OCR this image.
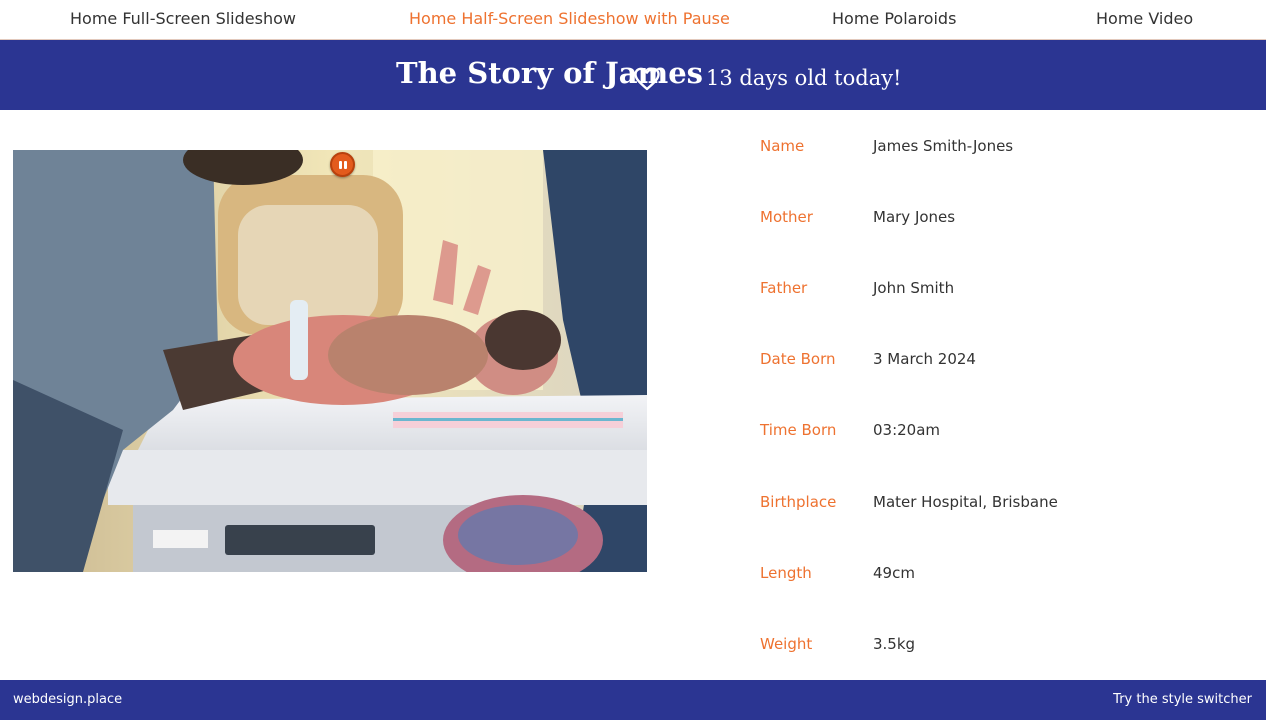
Home Full-Screen Slideshow	Home Half-Screen Slideshow with Pause	Home Polaroids	Home Video
The Story of James 13 days old today!
Name	James Smith-Jones
Mother	Mary Jones
Father	John Smith
Date Born	3 March 2024
Time Born 03:20am
Birthplace Mater Hospital, Brisbane
Length	49cm
Weight	3.5kg
webdesign.place	Try the style switcher
